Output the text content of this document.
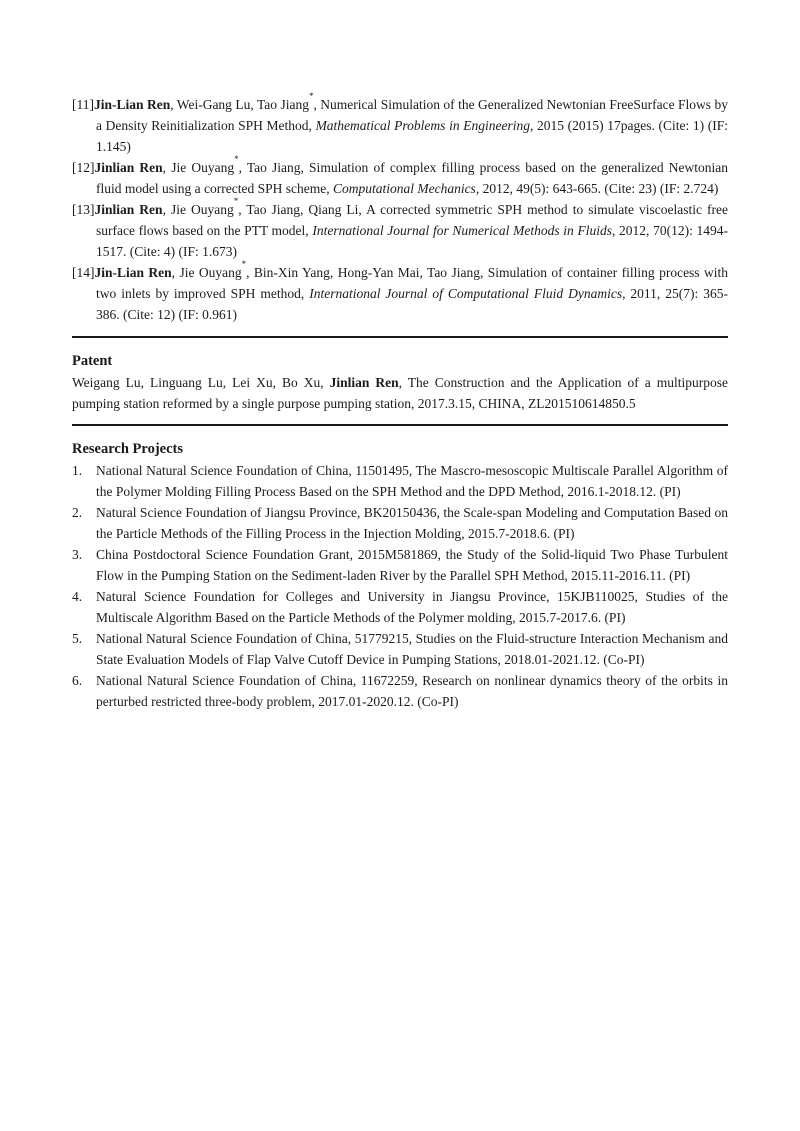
[11]Jin-Lian Ren, Wei-Gang Lu, Tao Jiang*, Numerical Simulation of the Generalized Newtonian FreeSurface Flows by a Density Reinitialization SPH Method, Mathematical Problems in Engineering, 2015 (2015) 17pages. (Cite: 1) (IF: 1.145)
[12]Jinlian Ren, Jie Ouyang*, Tao Jiang, Simulation of complex filling process based on the generalized Newtonian fluid model using a corrected SPH scheme, Computational Mechanics, 2012, 49(5): 643-665. (Cite: 23) (IF: 2.724)
[13]Jinlian Ren, Jie Ouyang*, Tao Jiang, Qiang Li, A corrected symmetric SPH method to simulate viscoelastic free surface flows based on the PTT model, International Journal for Numerical Methods in Fluids, 2012, 70(12): 1494-1517. (Cite: 4) (IF: 1.673)
[14]Jin-Lian Ren, Jie Ouyang*, Bin-Xin Yang, Hong-Yan Mai, Tao Jiang, Simulation of container filling process with two inlets by improved SPH method, International Journal of Computational Fluid Dynamics, 2011, 25(7): 365-386. (Cite: 12) (IF: 0.961)
Patent

Weigang Lu, Linguang Lu, Lei Xu, Bo Xu, Jinlian Ren, The Construction and the Application of a multipurpose pumping station reformed by a single purpose pumping station, 2017.3.15, CHINA, ZL201510614850.5

Research Projects
1. National Natural Science Foundation of China, 11501495, The Mascro-mesoscopic Multiscale Parallel Algorithm of the Polymer Molding Filling Process Based on the SPH Method and the DPD Method, 2016.1-2018.12. (PI)
2. Natural Science Foundation of Jiangsu Province, BK20150436, the Scale-span Modeling and Computation Based on the Particle Methods of the Filling Process in the Injection Molding, 2015.7-2018.6. (PI)
3. China Postdoctoral Science Foundation Grant, 2015M581869, the Study of the Solid-liquid Two Phase Turbulent Flow in the Pumping Station on the Sediment-laden River by the Parallel SPH Method, 2015.11-2016.11. (PI)
4. Natural Science Foundation for Colleges and University in Jiangsu Province, 15KJB110025, Studies of the Multiscale Algorithm Based on the Particle Methods of the Polymer molding, 2015.7-2017.6. (PI)
5. National Natural Science Foundation of China, 51779215, Studies on the Fluid-structure Interaction Mechanism and State Evaluation Models of Flap Valve Cutoff Device in Pumping Stations, 2018.01-2021.12. (Co-PI)
6. National Natural Science Foundation of China, 11672259, Research on nonlinear dynamics theory of the orbits in perturbed restricted three-body problem, 2017.01-2020.12. (Co-PI)
